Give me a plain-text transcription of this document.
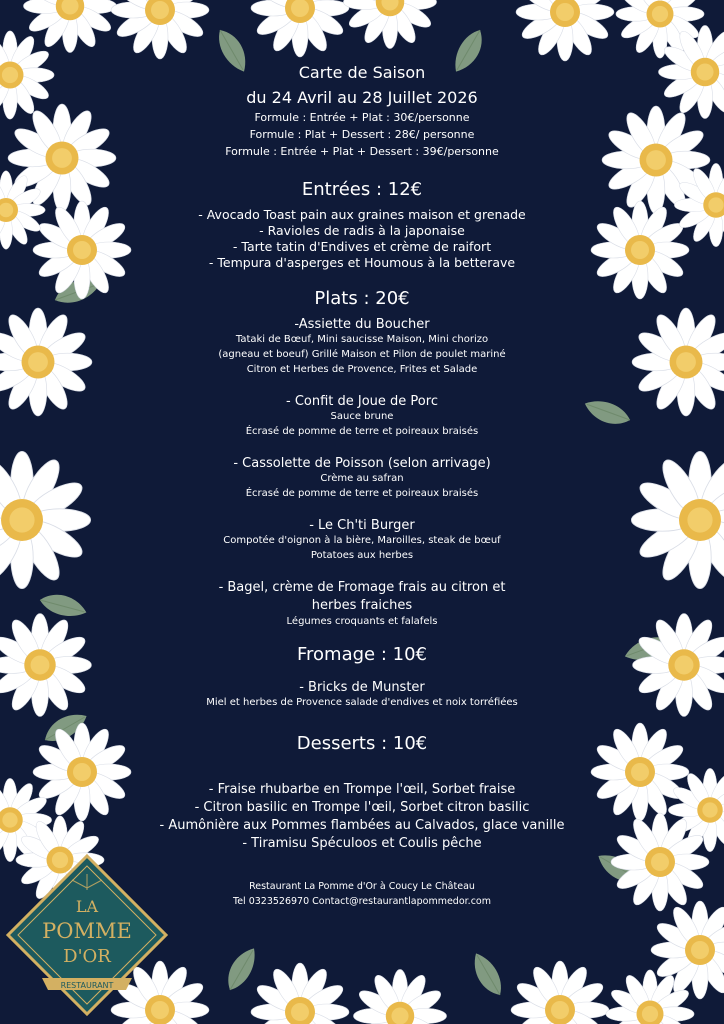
Carte de Saison
du 24 Avril au 28 Juillet 2026
Formule : Entrée + Plat : 30€/personne
Formule : Plat + Dessert : 28€/ personne
Formule : Entrée + Plat + Dessert : 39€/personne
Entrées : 12€
- Avocado Toast pain aux graines maison et grenade
- Ravioles de radis à la japonaise
- Tarte tatin d'Endives et crème de raifort
- Tempura d'asperges et Houmous à la betterave
Plats : 20€
-Assiette du Boucher
Tataki de Bœuf, Mini saucisse Maison, Mini chorizo
(agneau et boeuf) Grillé Maison et Pilon de poulet mariné
Citron et Herbes de Provence, Frites et Salade
- Confit de Joue de Porc
Sauce brune
Écrasé de pomme de terre et poireaux braisés
- Cassolette de Poisson (selon arrivage)
Crème au safran
Écrasé de pomme de terre et poireaux braisés
- Le Ch'ti Burger
Compotée d'oignon à la bière, Maroilles, steak de bœuf
Potatoes aux herbes
- Bagel, crème de Fromage frais au citron et
herbes fraiches
Légumes croquants et falafels
Fromage : 10€
- Bricks de Munster
Miel et herbes de Provence salade d'endives et noix torréfiées
Desserts : 10€
- Fraise rhubarbe en Trompe l'œil, Sorbet fraise
- Citron basilic en Trompe l'œil, Sorbet citron basilic
- Aumônière aux Pommes flambées au Calvados, glace vanille
- Tiramisu Spéculoos et Coulis pêche
Restaurant La Pomme d'Or à Coucy Le Château
Tel 0323526970 Contact@restaurantlapommedor.com
LA
POMME
D'OR
RESTAURANT
